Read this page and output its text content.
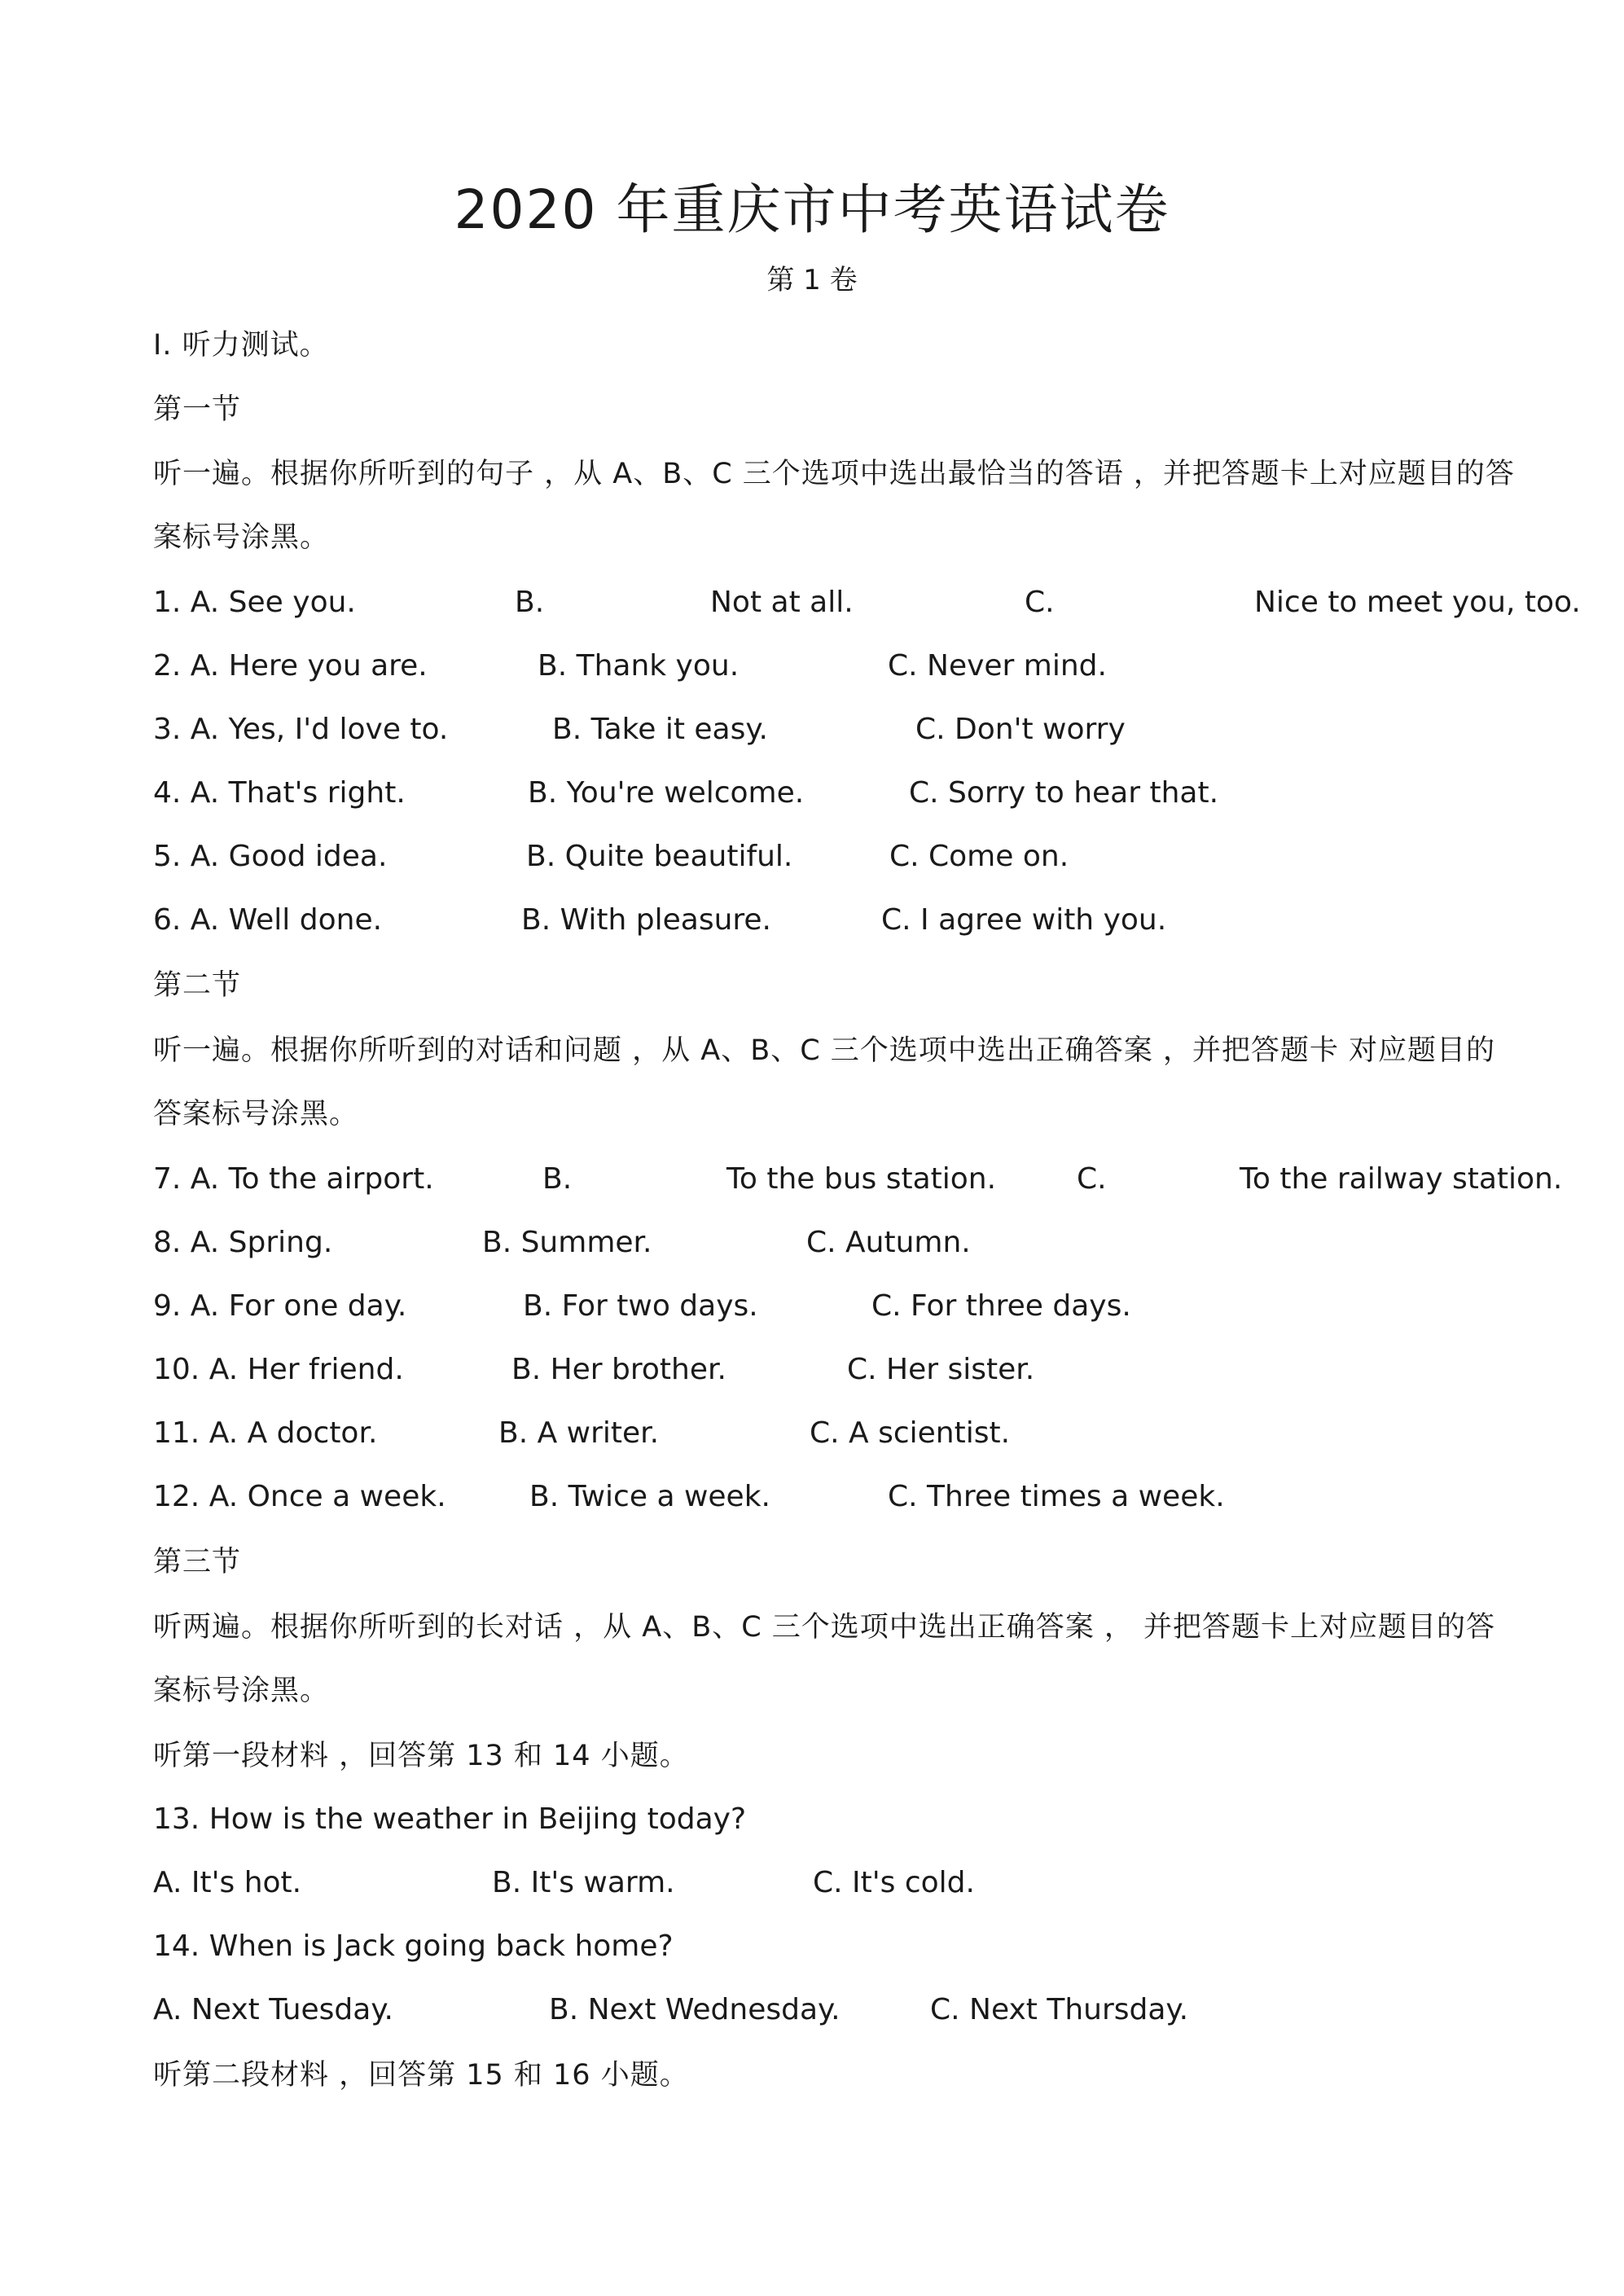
2020 年重庆市中考英语试卷
第 1 卷
I. 听力测试。
第一节
听一遍。根据你所听到的句子 ，从 A、B、C 三个选项中选出最恰当的答语 ，并把答题卡上对应题目的答
案标号涂黑。
1. A. See you.	B.	Not at all.	C.	Nice to meet you, too.
2. A. Here you are.	B. Thank you.	C. Never mind.
3. A. Yes, I'd love to.	B. Take it easy.	C. Don't worry
4. A. That's right.	B. You're welcome.	C. Sorry to hear that.
5. A. Good idea.	B. Quite beautiful.	C. Come on.
6. A. Well done.	B. With pleasure.	C. I agree with you.
第二节
听一遍。根据你所听到的对话和问题 ，从 A、B、C 三个选项中选出正确答案 ，并把答题卡 对应题目的
答案标号涂黑。
7. A. To the airport.	B.	To the bus station.	C.	To the railway station.
8. A. Spring.	B. Summer.	C. Autumn.
9. A. For one day.	B. For two days.	C. For three days.
10. A. Her friend.	B. Her brother.	C. Her sister.
11. A. A doctor.	B. A writer.	C. A scientist.
12. A. Once a week.	B. Twice a week.	C. Three times a week.
第三节
听两遍。根据你所听到的长对话 ，从 A、B、C 三个选项中选出正确答案 ， 并把答题卡上对应题目的答
案标号涂黑。
听第一段材料 ，回答第 13 和 14 小题。
13. How is the weather in Beijing today?
A. It's hot.	B. It's warm.	C. It's cold.
14. When is Jack going back home?
A. Next Tuesday.	B. Next Wednesday.	C. Next Thursday.
听第二段材料 ，回答第 15 和 16 小题。
